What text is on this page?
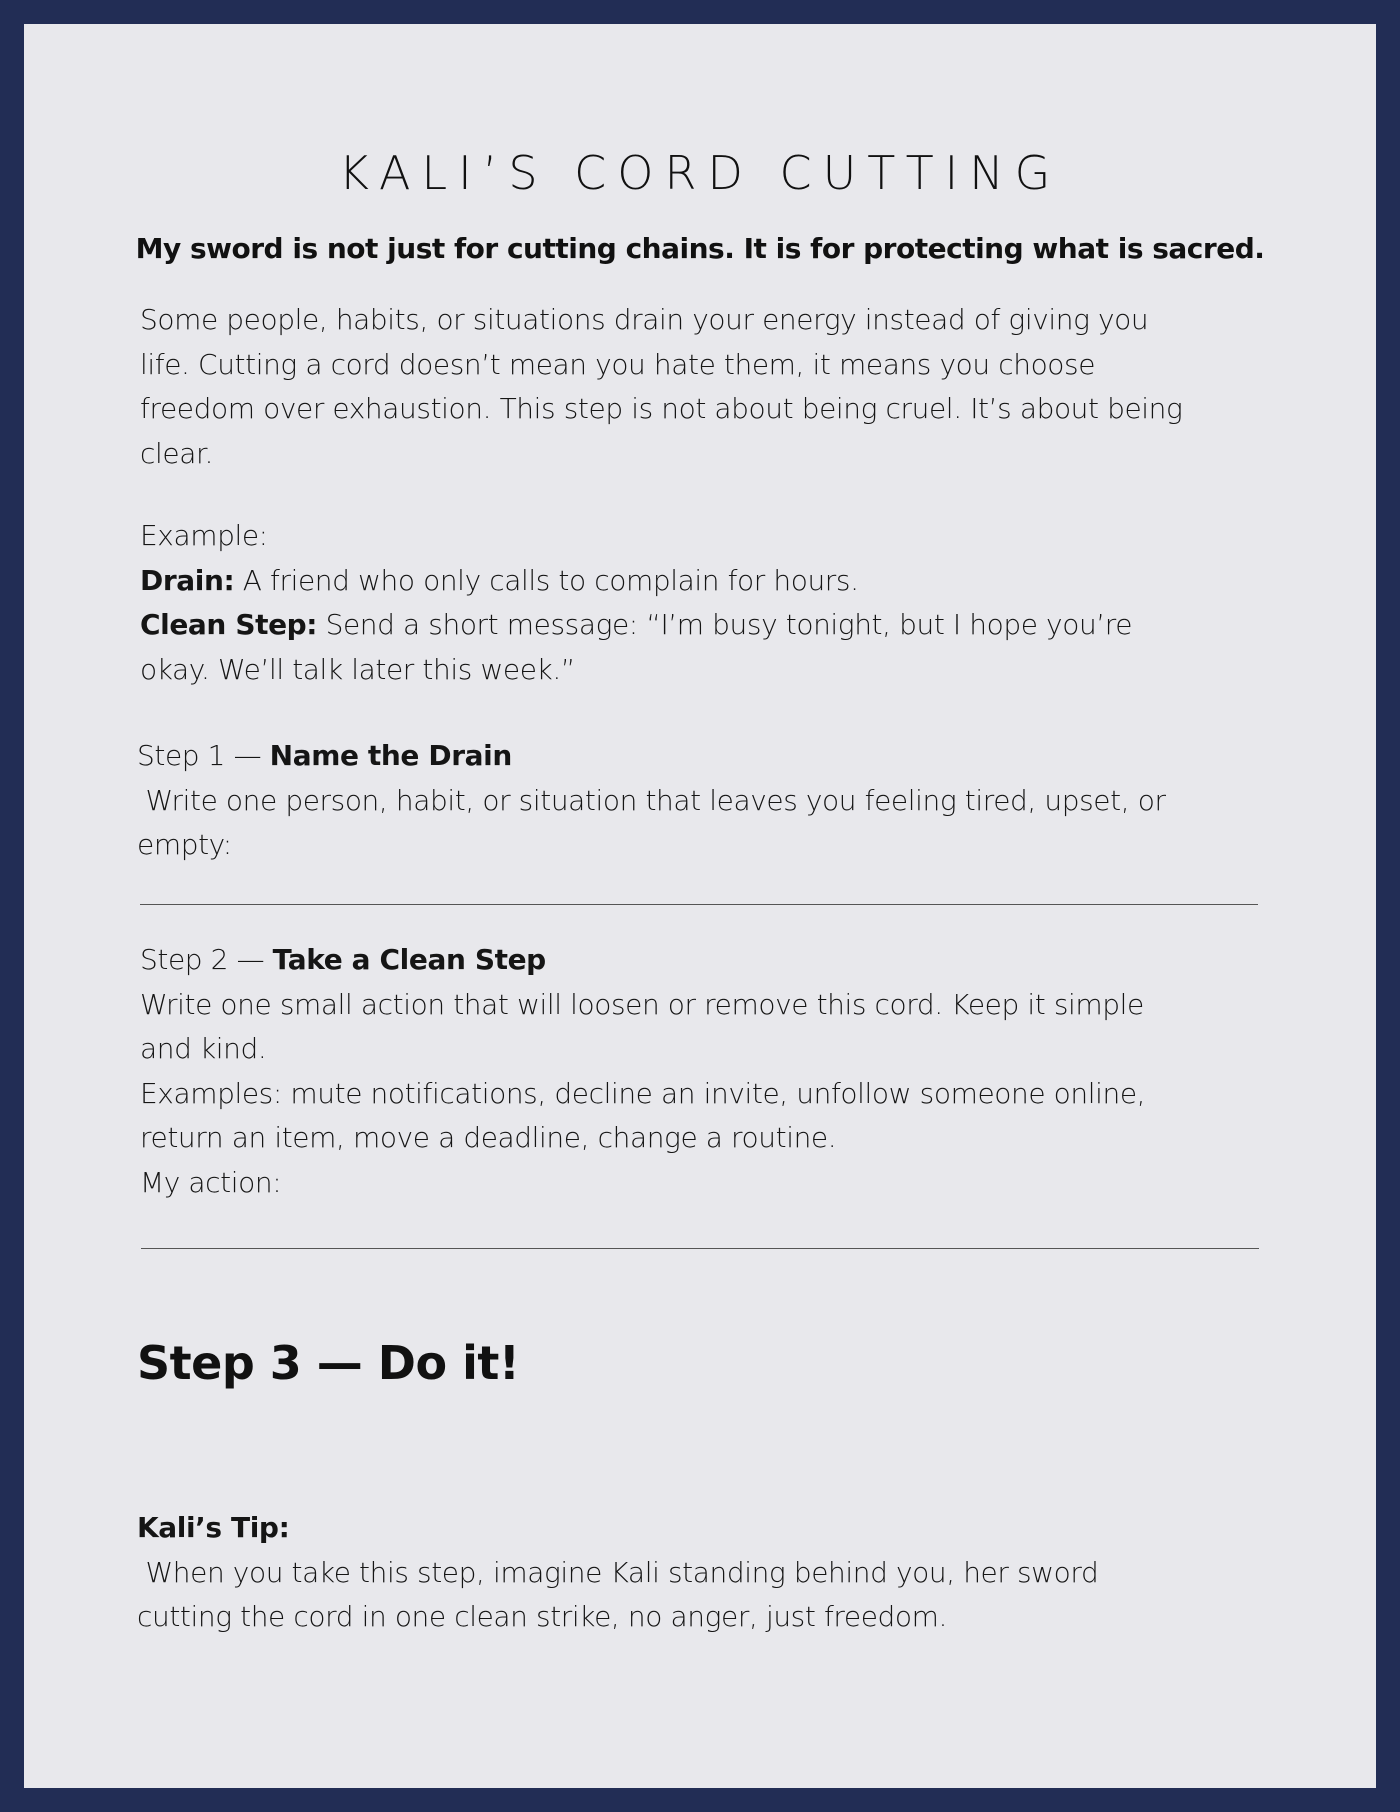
KALI’S CORD CUTTING
My sword is not just for cutting chains. It is for protecting what is sacred.
Some people, habits, or situations drain your energy instead of giving you
life. Cutting a cord doesn’t mean you hate them, it means you choose
freedom over exhaustion. This step is not about being cruel. It’s about being
clear.
Example:
Drain: A friend who only calls to complain for hours.
Clean Step: Send a short message: “I’m busy tonight, but I hope you’re
okay. We’ll talk later this week.”
Step 1 — Name the Drain
Write one person, habit, or situation that leaves you feeling tired, upset, or
empty:
Step 2 — Take a Clean Step
Write one small action that will loosen or remove this cord. Keep it simple
and kind.
Examples: mute notifications, decline an invite, unfollow someone online,
return an item, move a deadline, change a routine.
My action:
Step 3 — Do it!
Kali’s Tip:
When you take this step, imagine Kali standing behind you, her sword
cutting the cord in one clean strike, no anger, just freedom.
